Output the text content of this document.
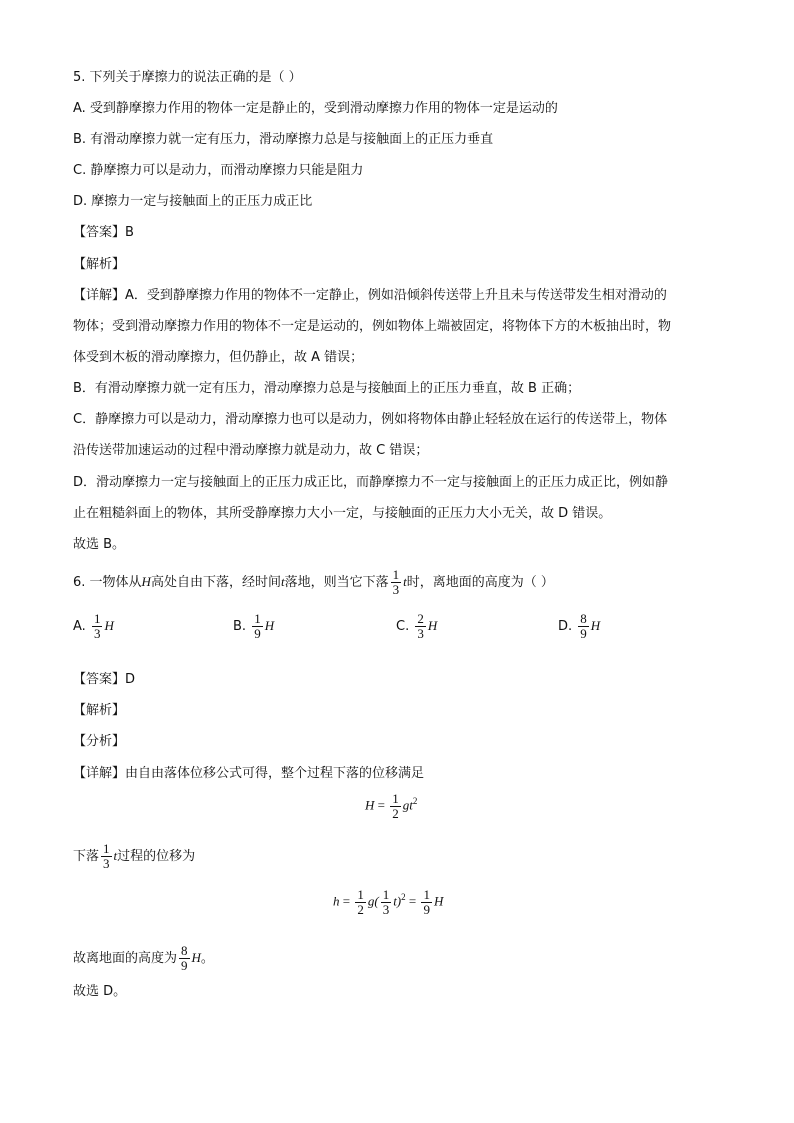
5. 下列关于摩擦力的说法正确的是（ ）
A. 受到静摩擦力作用的物体一定是静止的，受到滑动摩擦力作用的物体一定是运动的
B. 有滑动摩擦力就一定有压力，滑动摩擦力总是与接触面上的正压力垂直
C. 静摩擦力可以是动力，而滑动摩擦力只能是阻力
D. 摩擦力一定与接触面上的正压力成正比
【答案】B
【解析】
【详解】A．受到静摩擦力作用的物体不一定静止，例如沿倾斜传送带上升且未与传送带发生相对滑动的
物体；受到滑动摩擦力作用的物体不一定是运动的，例如物体上端被固定，将物体下方的木板抽出时，物
体受到木板的滑动摩擦力，但仍静止，故 A 错误；
B．有滑动摩擦力就一定有压力，滑动摩擦力总是与接触面上的正压力垂直，故 B 正确；
C．静摩擦力可以是动力，滑动摩擦力也可以是动力，例如将物体由静止轻轻放在运行的传送带上，物体
沿传送带加速运动的过程中滑动摩擦力就是动力，故 C 错误；
D．滑动摩擦力一定与接触面上的正压力成正比，而静摩擦力不一定与接触面上的正压力成正比，例如静
止在粗糙斜面上的物体，其所受静摩擦力大小一定，与接触面的正压力大小无关，故 D 错误。
故选 B。
6. 一物体从H高处自由下落，经时间t落地，则当它下落 $\frac{1}{3}$ t时，离地面的高度为（ ）
A. $\frac{1}{3}$ H	B. $\frac{1}{9}$ H	C. $\frac{2}{3}$ H	D. $\frac{8}{9}$ H
【答案】D
【解析】
【分析】
【详解】由自由落体位移公式可得，整个过程下落的位移满足
$H = \frac{1}{2} gt^2$
下落 $\frac{1}{3}$ t过程的位移为
$h = \frac{1}{2} g( \frac{1}{3} t)^2 = \frac{1}{9}$ H
故离地面的高度为 $\frac{8}{9}$ H。
故选 D。
